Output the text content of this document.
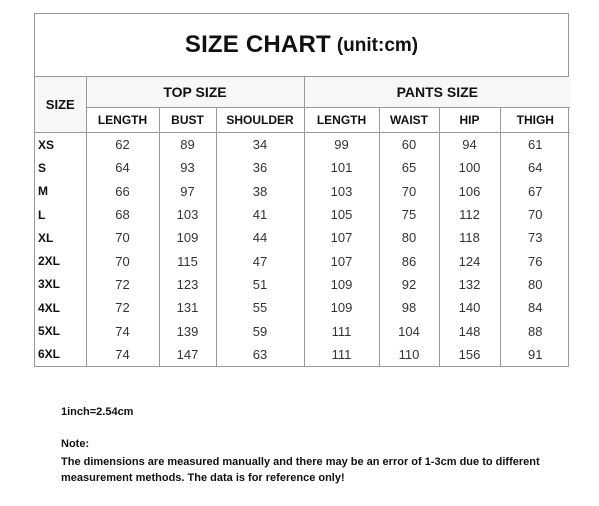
SIZE CHART (unit:cm)
SIZE	TOP SIZE			PANTS SIZE			
	LENGTH	BUST	SHOULDER	LENGTH	WAIST	HIP	THIGH
XS	62	89	34	99	60	94	61
S	64	93	36	101	65	100	64
M	66	97	38	103	70	106	67
L	68	103	41	105	75	112	70
XL	70	109	44	107	80	118	73
2XL	70	115	47	107	86	124	76
3XL	72	123	51	109	92	132	80
4XL	72	131	55	109	98	140	84
5XL	74	139	59	111	104	148	88
6XL	74	147	63	111	110	156	91
1inch=2.54cm
Note:
The dimensions are measured manually and there may be an error of 1-3cm due to different measurement methods. The data is for reference only!
